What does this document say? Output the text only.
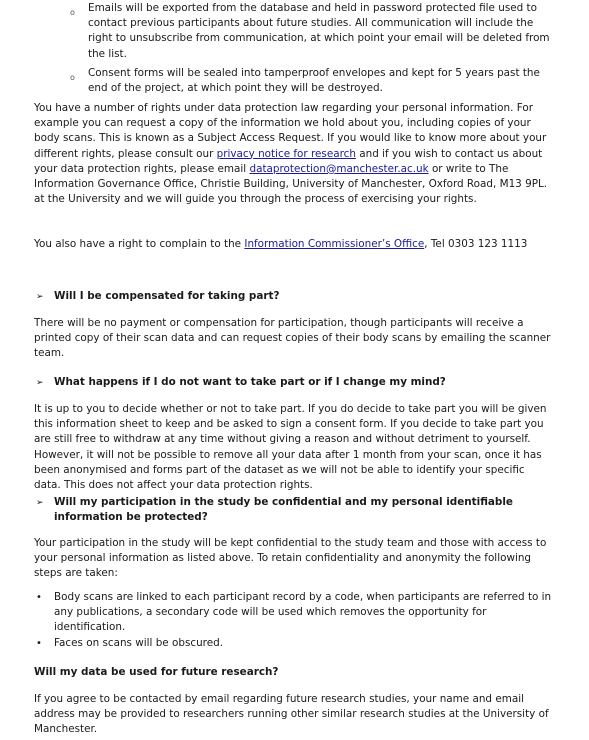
o Emails will be exported from the database and held in password protected file used to contact previous participants about future studies. All communication will include the right to unsubscribe from communication, at which point your email will be deleted from the list.

o Consent forms will be sealed into tamperproof envelopes and kept for 5 years past the end of the project, at which point they will be destroyed.

You have a number of rights under data protection law regarding your personal information. For example you can request a copy of the information we hold about you, including copies of your body scans. This is known as a Subject Access Request. If you would like to know more about your different rights, please consult our privacy notice for research and if you wish to contact us about your data protection rights, please email dataprotection@manchester.ac.uk or write to The Information Governance Office, Christie Building, University of Manchester, Oxford Road, M13 9PL. at the University and we will guide you through the process of exercising your rights.

You also have a right to complain to the Information Commissioner’s Office, Tel 0303 123 1113

➢ Will I be compensated for taking part?

There will be no payment or compensation for participation, though participants will receive a printed copy of their scan data and can request copies of their body scans by emailing the scanner team.

➢ What happens if I do not want to take part or if I change my mind?

It is up to you to decide whether or not to take part. If you do decide to take part you will be given this information sheet to keep and be asked to sign a consent form. If you decide to take part you are still free to withdraw at any time without giving a reason and without detriment to yourself. However, it will not be possible to remove all your data after 1 month from your scan, once it has been anonymised and forms part of the dataset as we will not be able to identify your specific data. This does not affect your data protection rights.

➢ Will my participation in the study be confidential and my personal identifiable information be protected?

Your participation in the study will be kept confidential to the study team and those with access to your personal information as listed above. To retain confidentiality and anonymity the following steps are taken:

• Body scans are linked to each participant record by a code, when participants are referred to in any publications, a secondary code will be used which removes the opportunity for identification.

• Faces on scans will be obscured.

Will my data be used for future research?

If you agree to be contacted by email regarding future research studies, your name and email address may be provided to researchers running other similar research studies at the University of Manchester.
